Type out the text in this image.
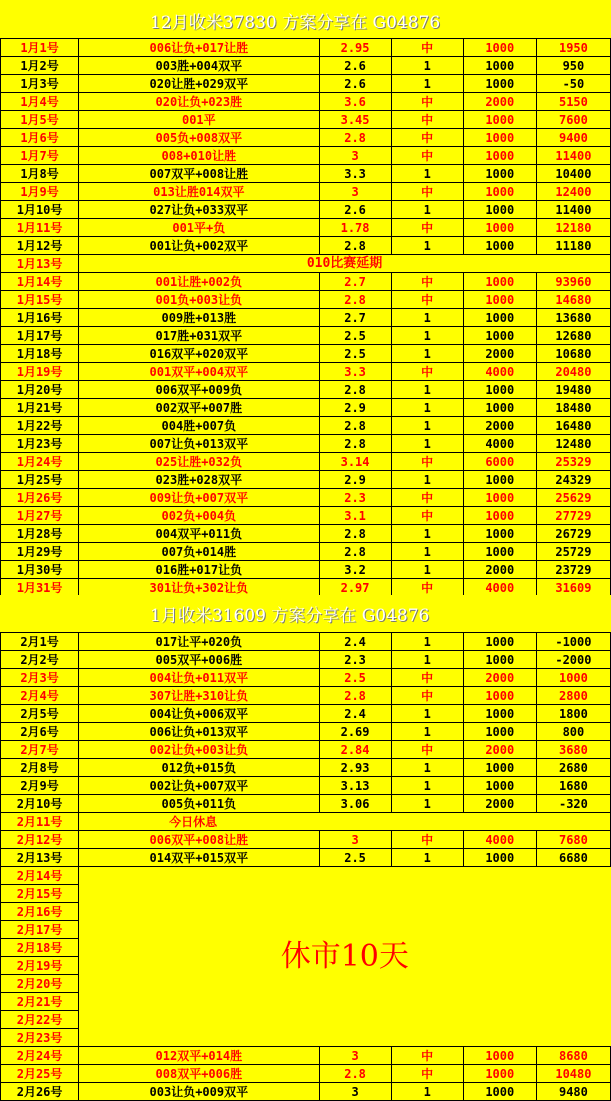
12月收米37830 方案分享在 G04876
1月1号	006让负+017让胜	2.95	中	1000	1950
1月2号	003胜+004双平	2.6	1	1000	950
1月3号	020让胜+029双平	2.6	1	1000	-50
1月4号	020让负+023胜	3.6	中	2000	5150
1月5号	001平	3.45	中	1000	7600
1月6号	005负+008双平	2.8	中	1000	9400
1月7号	008+010让胜	3	中	1000	11400
1月8号	007双平+008让胜	3.3	1	1000	10400
1月9号	013让胜014双平	3	中	1000	12400
1月10号	027让负+033双平	2.6	1	1000	11400
1月11号	001平+负	1.78	中	1000	12180
1月12号	001让负+002双平	2.8	1	1000	11180
1月13号	010比赛延期				
1月14号	001让胜+002负	2.7	中	1000	93960
1月15号	001负+003让负	2.8	中	1000	14680
1月16号	009胜+013胜	2.7	1	1000	13680
1月17号	017胜+031双平	2.5	1	1000	12680
1月18号	016双平+020双平	2.5	1	2000	10680
1月19号	001双平+004双平	3.3	中	4000	20480
1月20号	006双平+009负	2.8	1	1000	19480
1月21号	002双平+007胜	2.9	1	1000	18480
1月22号	004胜+007负	2.8	1	2000	16480
1月23号	007让负+013双平	2.8	1	4000	12480
1月24号	025让胜+032负	3.14	中	6000	25329
1月25号	023胜+028双平	2.9	1	1000	24329
1月26号	009让负+007双平	2.3	中	1000	25629
1月27号	002负+004负	3.1	中	1000	27729
1月28号	004双平+011负	2.8	1	1000	26729
1月29号	007负+014胜	2.8	1	1000	25729
1月30号	016胜+017让负	3.2	1	2000	23729
1月31号	301让负+302让负	2.97	中	4000	31609
1月收米31609 方案分享在 G04876
2月1号	017让平+020负	2.4	1	1000	-1000
2月2号	005双平+006胜	2.3	1	1000	-2000
2月3号	004让负+011双平	2.5	中	2000	1000
2月4号	307让胜+310让负	2.8	中	1000	2800
2月5号	004让负+006双平	2.4	1	1000	1800
2月6号	006让负+013双平	2.69	1	1000	800
2月7号	002让负+003让负	2.84	中	2000	3680
2月8号	012负+015负	2.93	1	1000	2680
2月9号	002让负+007双平	3.13	1	1000	1680
2月10号	005负+011负	3.06	1	2000	-320
2月11号	今日休息				
2月12号	006双平+008让胜	3	中	4000	7680
2月13号	014双平+015双平	2.5	1	1000	6680
2月14号	休市10天				
2月15号					
2月16号					
2月17号					
2月18号					
2月19号					
2月20号					
2月21号					
2月22号					
2月23号					
2月24号	012双平+014胜	3	中	1000	8680
2月25号	008双平+006胜	2.8	中	1000	10480
2月26号	003让负+009双平	3	1	1000	9480
